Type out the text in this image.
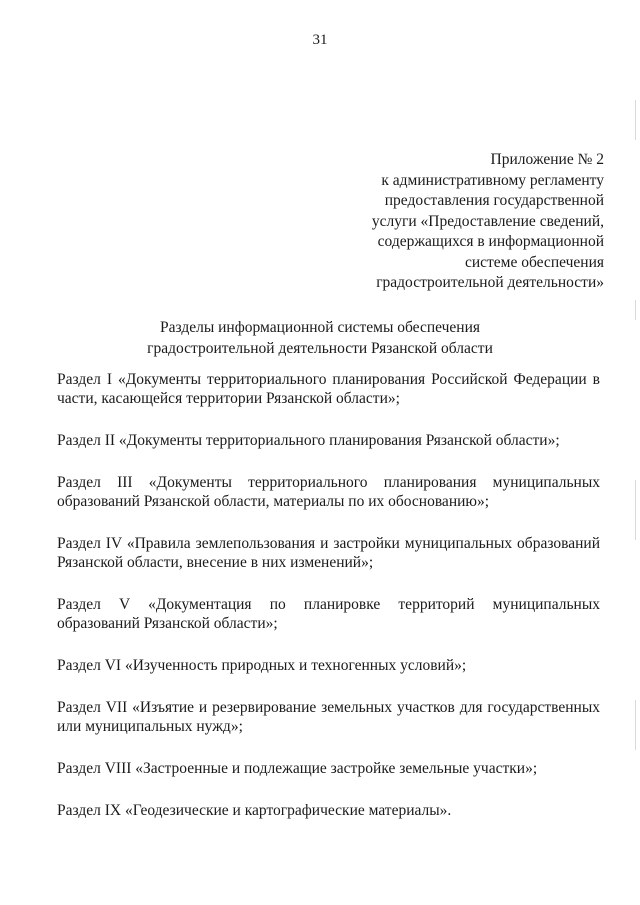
31
Приложение № 2
к административному регламенту
предоставления государственной
услуги «Предоставление сведений,
содержащихся в информационной
системе обеспечения
градостроительной деятельности»
Разделы информационной системы обеспечения
градостроительной деятельности Рязанской области

Раздел I «Документы территориального планирования Российской Федерации в части, касающейся территории Рязанской области»;

Раздел II «Документы территориального планирования Рязанской области»;

Раздел III «Документы территориального планирования муниципальных образований Рязанской области, материалы по их обоснованию»;

Раздел IV «Правила землепользования и застройки муниципальных образований Рязанской области, внесение в них изменений»;

Раздел V «Документация по планировке территорий муниципальных образований Рязанской области»;

Раздел VI «Изученность природных и техногенных условий»;

Раздел VII «Изъятие и резервирование земельных участков для государственных или муниципальных нужд»;

Раздел VIII «Застроенные и подлежащие застройке земельные участки»;

Раздел IX «Геодезические и картографические материалы».
